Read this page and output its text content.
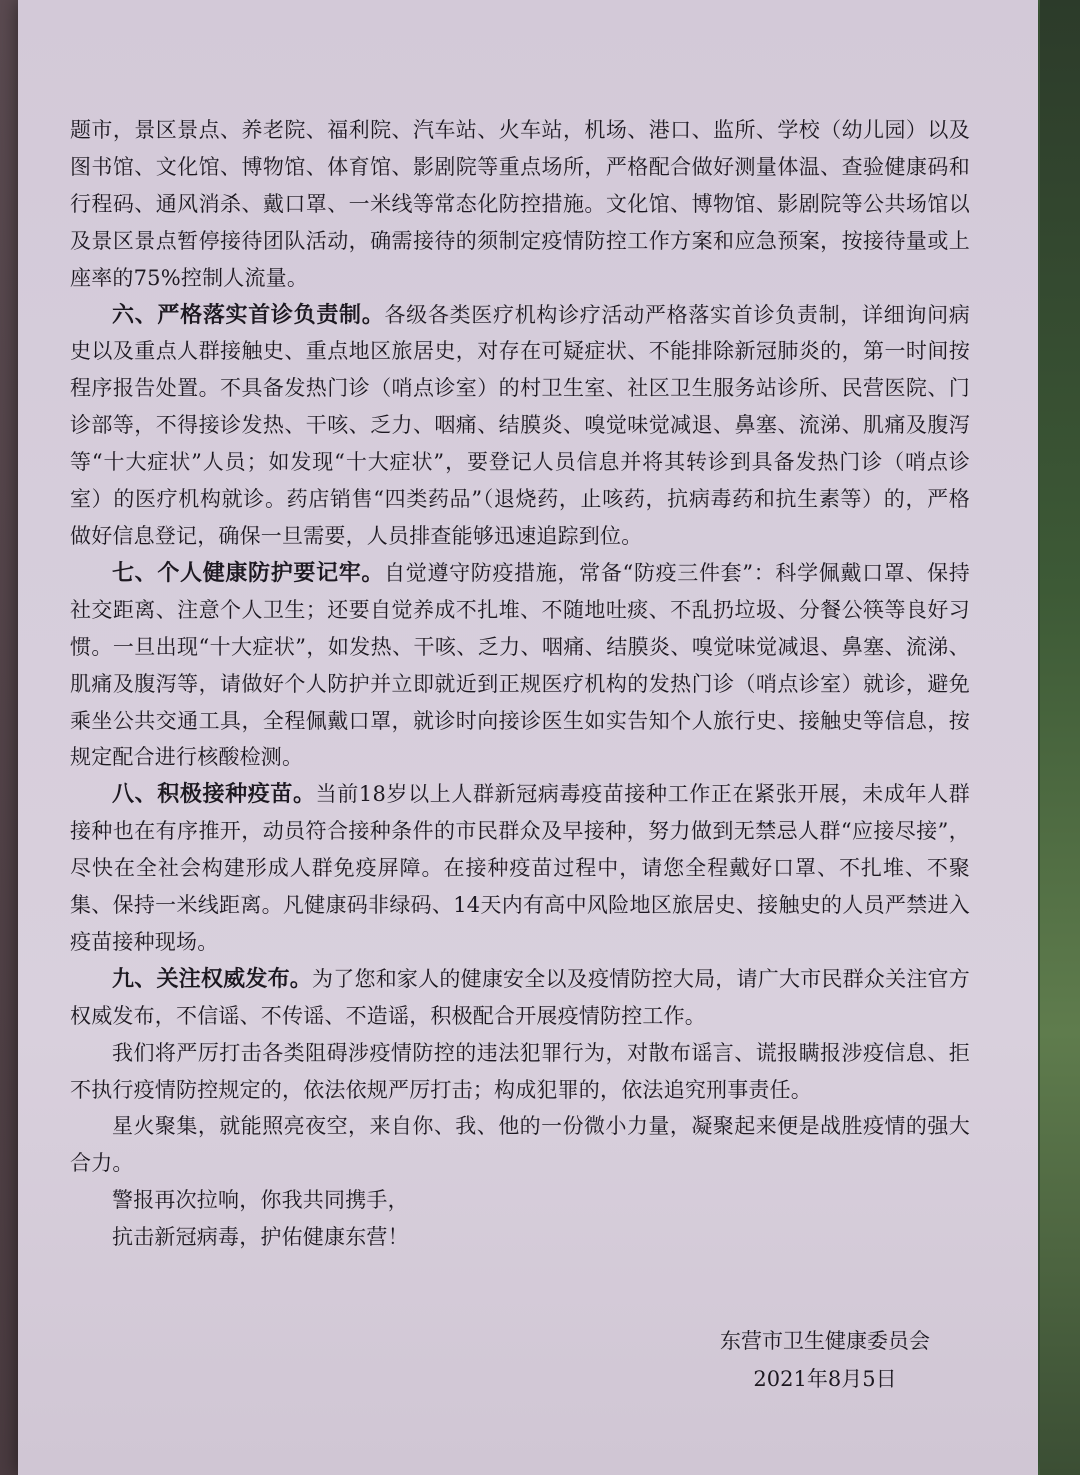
题市，景区景点、养老院、福利院、汽车站、火车站，机场、港口、监所、学校（幼儿园）以及图书馆、文化馆、博物馆、体育馆、影剧院等重点场所，严格配合做好测量体温、查验健康码和行程码、通风消杀、戴口罩、一米线等常态化防控措施。文化馆、博物馆、影剧院等公共场馆以及景区景点暂停接待团队活动，确需接待的须制定疫情防控工作方案和应急预案，按接待量或上座率的75%控制人流量。

六、严格落实首诊负责制。各级各类医疗机构诊疗活动严格落实首诊负责制，详细询问病史以及重点人群接触史、重点地区旅居史，对存在可疑症状、不能排除新冠肺炎的，第一时间按程序报告处置。不具备发热门诊（哨点诊室）的村卫生室、社区卫生服务站诊所、民营医院、门诊部等，不得接诊发热、干咳、乏力、咽痛、结膜炎、嗅觉味觉减退、鼻塞、流涕、肌痛及腹泻等“十大症状”人员；如发现“十大症状”，要登记人员信息并将其转诊到具备发热门诊（哨点诊室）的医疗机构就诊。药店销售“四类药品”（退烧药，止咳药，抗病毒药和抗生素等）的，严格做好信息登记，确保一旦需要，人员排查能够迅速追踪到位。

七、个人健康防护要记牢。自觉遵守防疫措施，常备“防疫三件套”：科学佩戴口罩、保持社交距离、注意个人卫生；还要自觉养成不扎堆、不随地吐痰、不乱扔垃圾、分餐公筷等良好习惯。一旦出现“十大症状”，如发热、干咳、乏力、咽痛、结膜炎、嗅觉味觉减退、鼻塞、流涕、肌痛及腹泻等，请做好个人防护并立即就近到正规医疗机构的发热门诊（哨点诊室）就诊，避免乘坐公共交通工具，全程佩戴口罩，就诊时向接诊医生如实告知个人旅行史、接触史等信息，按规定配合进行核酸检测。

八、积极接种疫苗。当前18岁以上人群新冠病毒疫苗接种工作正在紧张开展，未成年人群接种也在有序推开，动员符合接种条件的市民群众及早接种，努力做到无禁忌人群“应接尽接”，尽快在全社会构建形成人群免疫屏障。在接种疫苗过程中，请您全程戴好口罩、不扎堆、不聚集、保持一米线距离。凡健康码非绿码、14天内有高中风险地区旅居史、接触史的人员严禁进入疫苗接种现场。

九、关注权威发布。为了您和家人的健康安全以及疫情防控大局，请广大市民群众关注官方权威发布，不信谣、不传谣、不造谣，积极配合开展疫情防控工作。

我们将严厉打击各类阻碍涉疫情防控的违法犯罪行为，对散布谣言、谎报瞒报涉疫信息、拒不执行疫情防控规定的，依法依规严厉打击；构成犯罪的，依法追究刑事责任。

星火聚集，就能照亮夜空，来自你、我、他的一份微小力量，凝聚起来便是战胜疫情的强大合力。

警报再次拉响，你我共同携手，

抗击新冠病毒，护佑健康东营！

东营市卫生健康委员会
2021年8月5日
